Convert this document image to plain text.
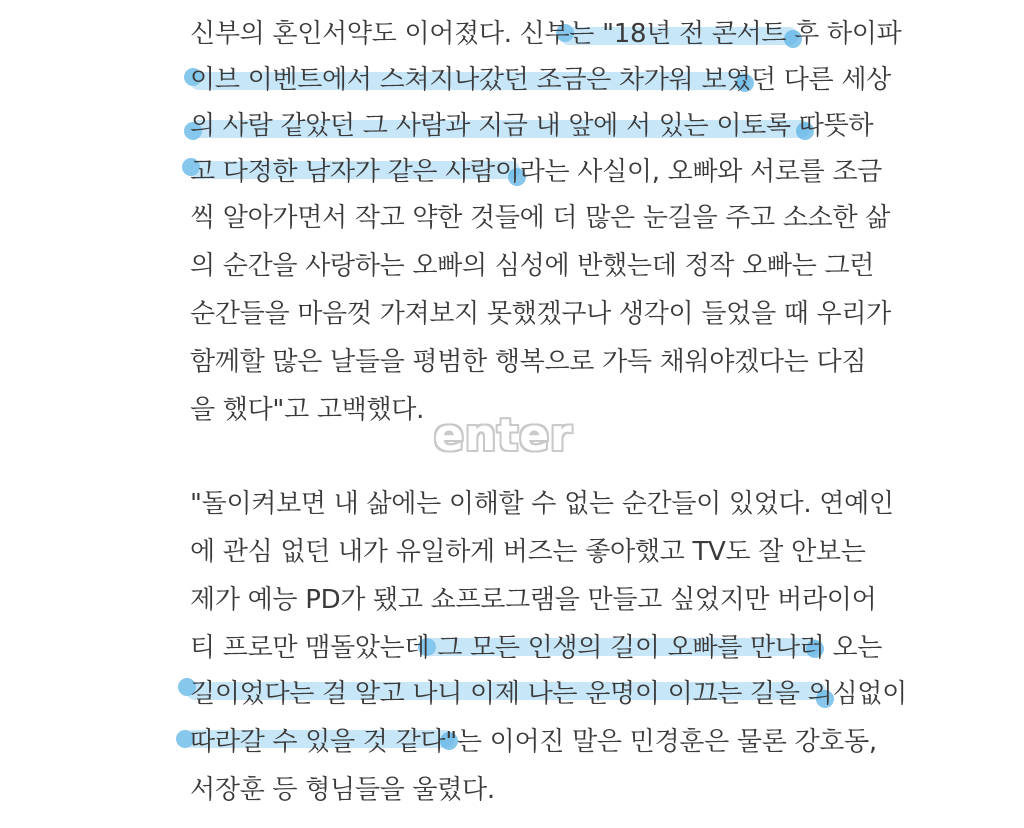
신부의 혼인서약도 이어졌다. 신부는 "18년 전 콘서트 후 하이파
이브 이벤트에서 스쳐지나갔던 조금은 차가워 보였던 다른 세상
의 사람 같았던 그 사람과 지금 내 앞에 서 있는 이토록 따뜻하
고 다정한 남자가 같은 사람이라는 사실이, 오빠와 서로를 조금
씩 알아가면서 작고 약한 것들에 더 많은 눈길을 주고 소소한 삶
의 순간을 사랑하는 오빠의 심성에 반했는데 정작 오빠는 그런
순간들을 마음껏 가져보지 못했겠구나 생각이 들었을 때 우리가
함께할 많은 날들을 평범한 행복으로 가득 채워야겠다는 다짐
을 했다"고 고백했다. enter
"돌이켜보면 내 삶에는 이해할 수 없는 순간들이 있었다. 연예인
에 관심 없던 내가 유일하게 버즈는 좋아했고 TV도 잘 안보는
제가 예능 PD가 됐고 쇼프로그램을 만들고 싶었지만 버라이어
티 프로만 맴돌았는데 그 모든 인생의 길이 오빠를 만나러 오는
길이었다는 걸 알고 나니 이제 나는 운명이 이끄는 길을 의심없이
따라갈 수 있을 것 같다"는 이어진 말은 민경훈은 물론 강호동,
서장훈 등 형님들을 울렸다.
